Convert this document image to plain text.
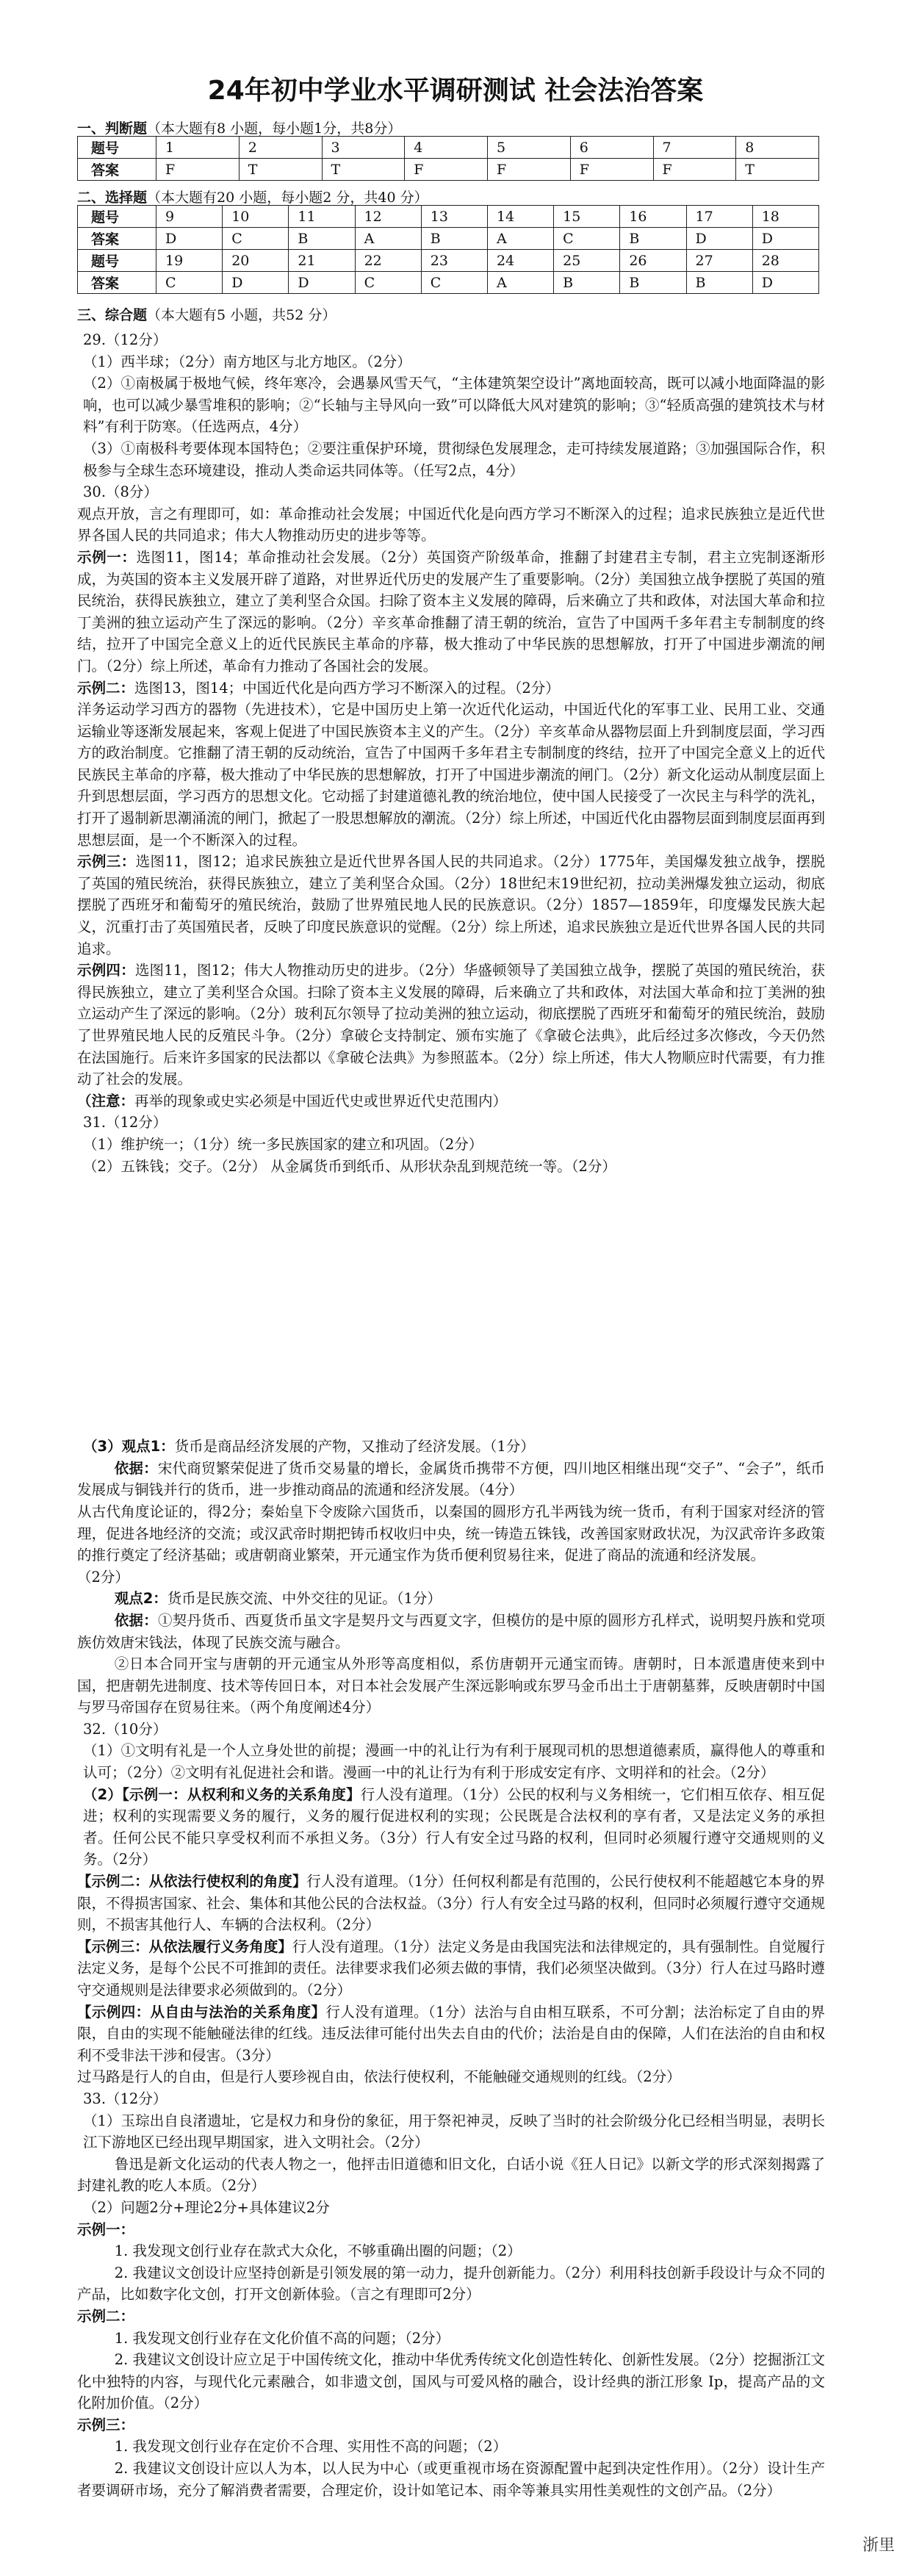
24年初中学业水平调研测试 社会法治答案
一、判断题（本大题有8 小题，每小题1分，共8分）
题号	1	2	3	4	5	6	7	8
答案	F	T	T	F	F	F	F	T
二、选择题（本大题有20 小题，每小题2 分，共40 分）
题号	9	10	11	12	13	14	15	16	17	18
答案	D	C	B	A	B	A	C	B	D	D
题号	19	20	21	22	23	24	25	26	27	28
答案	C	D	D	C	C	A	B	B	B	D
三、综合题（本大题有5 小题，共52 分）

29.（12分）

（1）西半球；（2分）南方地区与北方地区。（2分）

（2）①南极属于极地气候，终年寒冷，会遇暴风雪天气，“主体建筑架空设计”离地面较高，既可以减小地面降温的影响，也可以减少暴雪堆积的影响；②“长轴与主导风向一致”可以降低大风对建筑的影响；③“轻质高强的建筑技术与材料”有利于防寒。（任选两点，4分）

（3）①南极科考要体现本国特色；②要注重保护环境，贯彻绿色发展理念，走可持续发展道路；③加强国际合作，积极参与全球生态环境建设，推动人类命运共同体等。（任写2点，4分）

30.（8分）

观点开放，言之有理即可，如：革命推动社会发展；中国近代化是向西方学习不断深入的过程；追求民族独立是近代世界各国人民的共同追求；伟大人物推动历史的进步等等。

示例一：选图11，图14；革命推动社会发展。（2分）英国资产阶级革命，推翻了封建君主专制，君主立宪制逐渐形成，为英国的资本主义发展开辟了道路，对世界近代历史的发展产生了重要影响。（2分）美国独立战争摆脱了英国的殖民统治，获得民族独立，建立了美利坚合众国。扫除了资本主义发展的障碍，后来确立了共和政体，对法国大革命和拉丁美洲的独立运动产生了深远的影响。（2分）辛亥革命推翻了清王朝的统治，宣告了中国两千多年君主专制制度的终结，拉开了中国完全意义上的近代民族民主革命的序幕，极大推动了中华民族的思想解放，打开了中国进步潮流的闸门。（2分）综上所述，革命有力推动了各国社会的发展。

示例二：选图13，图14；中国近代化是向西方学习不断深入的过程。（2分）

洋务运动学习西方的器物（先进技术），它是中国历史上第一次近代化运动，中国近代化的军事工业、民用工业、交通运输业等逐渐发展起来，客观上促进了中国民族资本主义的产生。（2分）辛亥革命从器物层面上升到制度层面，学习西方的政治制度。它推翻了清王朝的反动统治，宣告了中国两千多年君主专制制度的终结，拉开了中国完全意义上的近代民族民主革命的序幕，极大推动了中华民族的思想解放，打开了中国进步潮流的闸门。（2分）新文化运动从制度层面上升到思想层面，学习西方的思想文化。它动摇了封建道德礼教的统治地位，使中国人民接受了一次民主与科学的洗礼，打开了遏制新思潮涌流的闸门，掀起了一股思想解放的潮流。（2分）综上所述，中国近代化由器物层面到制度层面再到思想层面，是一个不断深入的过程。

示例三：选图11，图12；追求民族独立是近代世界各国人民的共同追求。（2分）1775年，美国爆发独立战争，摆脱了英国的殖民统治，获得民族独立，建立了美利坚合众国。（2分）18世纪末19世纪初，拉动美洲爆发独立运动，彻底摆脱了西班牙和葡萄牙的殖民统治，鼓励了世界殖民地人民的民族意识。（2分）1857—1859年，印度爆发民族大起义，沉重打击了英国殖民者，反映了印度民族意识的觉醒。（2分）综上所述，追求民族独立是近代世界各国人民的共同追求。

示例四：选图11，图12；伟大人物推动历史的进步。（2分）华盛顿领导了美国独立战争，摆脱了英国的殖民统治，获得民族独立，建立了美利坚合众国。扫除了资本主义发展的障碍，后来确立了共和政体，对法国大革命和拉丁美洲的独立运动产生了深远的影响。（2分）玻利瓦尔领导了拉动美洲的独立运动，彻底摆脱了西班牙和葡萄牙的殖民统治，鼓励了世界殖民地人民的反殖民斗争。（2分）拿破仑支持制定、颁布实施了《拿破仑法典》，此后经过多次修改，今天仍然在法国施行。后来许多国家的民法都以《拿破仑法典》为参照蓝本。（2分）综上所述，伟大人物顺应时代需要，有力推动了社会的发展。

（注意：再举的现象或史实必须是中国近代史或世界近代史范围内）

31.（12分）

（1）维护统一；（1分）统一多民族国家的建立和巩固。（2分）

（2）五铢钱；交子。（2分） 从金属货币到纸币、从形状杂乱到规范统一等。（2分）

（3）观点1：货币是商品经济发展的产物，又推动了经济发展。（1分）

依据：宋代商贸繁荣促进了货币交易量的增长，金属货币携带不方便，四川地区相继出现“交子”、“会子”，纸币发展成与铜钱并行的货币，进一步推动商品的流通和经济发展。（4分）

从古代角度论证的，得2分；秦始皇下令废除六国货币，以秦国的圆形方孔半两钱为统一货币，有利于国家对经济的管理，促进各地经济的交流；或汉武帝时期把铸币权收归中央，统一铸造五铢钱，改善国家财政状况，为汉武帝许多政策的推行奠定了经济基础；或唐朝商业繁荣，开元通宝作为货币便利贸易往来，促进了商品的流通和经济发展。

（2分）

观点2：货币是民族交流、中外交往的见证。（1分）

依据：①契丹货币、西夏货币虽文字是契丹文与西夏文字，但模仿的是中原的圆形方孔样式，说明契丹族和党项族仿效唐宋钱法，体现了民族交流与融合。

②日本合同开宝与唐朝的开元通宝从外形等高度相似，系仿唐朝开元通宝而铸。唐朝时，日本派遣唐使来到中国，把唐朝先进制度、技术等传回日本，对日本社会发展产生深远影响或东罗马金币出土于唐朝墓葬，反映唐朝时中国与罗马帝国存在贸易往来。（两个角度阐述4分）

32.（10分）

（1）①文明有礼是一个人立身处世的前提；漫画一中的礼让行为有利于展现司机的思想道德素质，赢得他人的尊重和认可；（2分）②文明有礼促进社会和谐。漫画一中的礼让行为有利于形成安定有序、文明祥和的社会。（2分）

（2）【示例一：从权利和义务的关系角度】行人没有道理。（1分）公民的权利与义务相统一，它们相互依存、相互促进；权利的实现需要义务的履行，义务的履行促进权利的实现；公民既是合法权利的享有者，又是法定义务的承担者。任何公民不能只享受权利而不承担义务。（3分）行人有安全过马路的权利，但同时必须履行遵守交通规则的义务。（2分）

【示例二：从依法行使权利的角度】行人没有道理。（1分）任何权利都是有范围的，公民行使权利不能超越它本身的界限，不得损害国家、社会、集体和其他公民的合法权益。（3分）行人有安全过马路的权利，但同时必须履行遵守交通规则，不损害其他行人、车辆的合法权利。（2分）

【示例三：从依法履行义务角度】行人没有道理。（1分）法定义务是由我国宪法和法律规定的，具有强制性。自觉履行法定义务，是每个公民不可推卸的责任。法律要求我们必须去做的事情，我们必须坚决做到。（3分）行人在过马路时遵守交通规则是法律要求必须做到的。（2分）

【示例四：从自由与法治的关系角度】行人没有道理。（1分）法治与自由相互联系，不可分割；法治标定了自由的界限，自由的实现不能触碰法律的红线。违反法律可能付出失去自由的代价；法治是自由的保障，人们在法治的自由和权利不受非法干涉和侵害。（3分）

过马路是行人的自由，但是行人要珍视自由，依法行使权利，不能触碰交通规则的红线。（2分）

33.（12分）

（1）玉琮出自良渚遗址，它是权力和身份的象征，用于祭祀神灵，反映了当时的社会阶级分化已经相当明显，表明长江下游地区已经出现早期国家，进入文明社会。（2分）

鲁迅是新文化运动的代表人物之一，他抨击旧道德和旧文化，白话小说《狂人日记》以新文学的形式深刻揭露了封建礼教的吃人本质。（2分）

（2）问题2分+理论2分+具体建议2分

示例一：

1. 我发现文创行业存在款式大众化，不够重确出圈的问题；（2）

2. 我建议文创设计应坚持创新是引领发展的第一动力，提升创新能力。（2分）利用科技创新手段设计与众不同的产品，比如数字化文创，打开文创新体验。（言之有理即可2分）

示例二：

1. 我发现文创行业存在文化价值不高的问题；（2分）

2. 我建议文创设计应立足于中国传统文化，推动中华优秀传统文化创造性转化、创新性发展。（2分）挖掘浙江文化中独特的内容，与现代化元素融合，如非遗文创，国风与可爱风格的融合，设计经典的浙江形象 Ip，提高产品的文化附加价值。（2分）

示例三：

1. 我发现文创行业存在定价不合理、实用性不高的问题；（2）

2. 我建议文创设计应以人为本，以人民为中心（或更重视市场在资源配置中起到决定性作用）。（2分）设计生产者要调研市场，充分了解消费者需要，合理定价，设计如笔记本、雨伞等兼具实用性美观性的文创产品。（2分）

浙里
